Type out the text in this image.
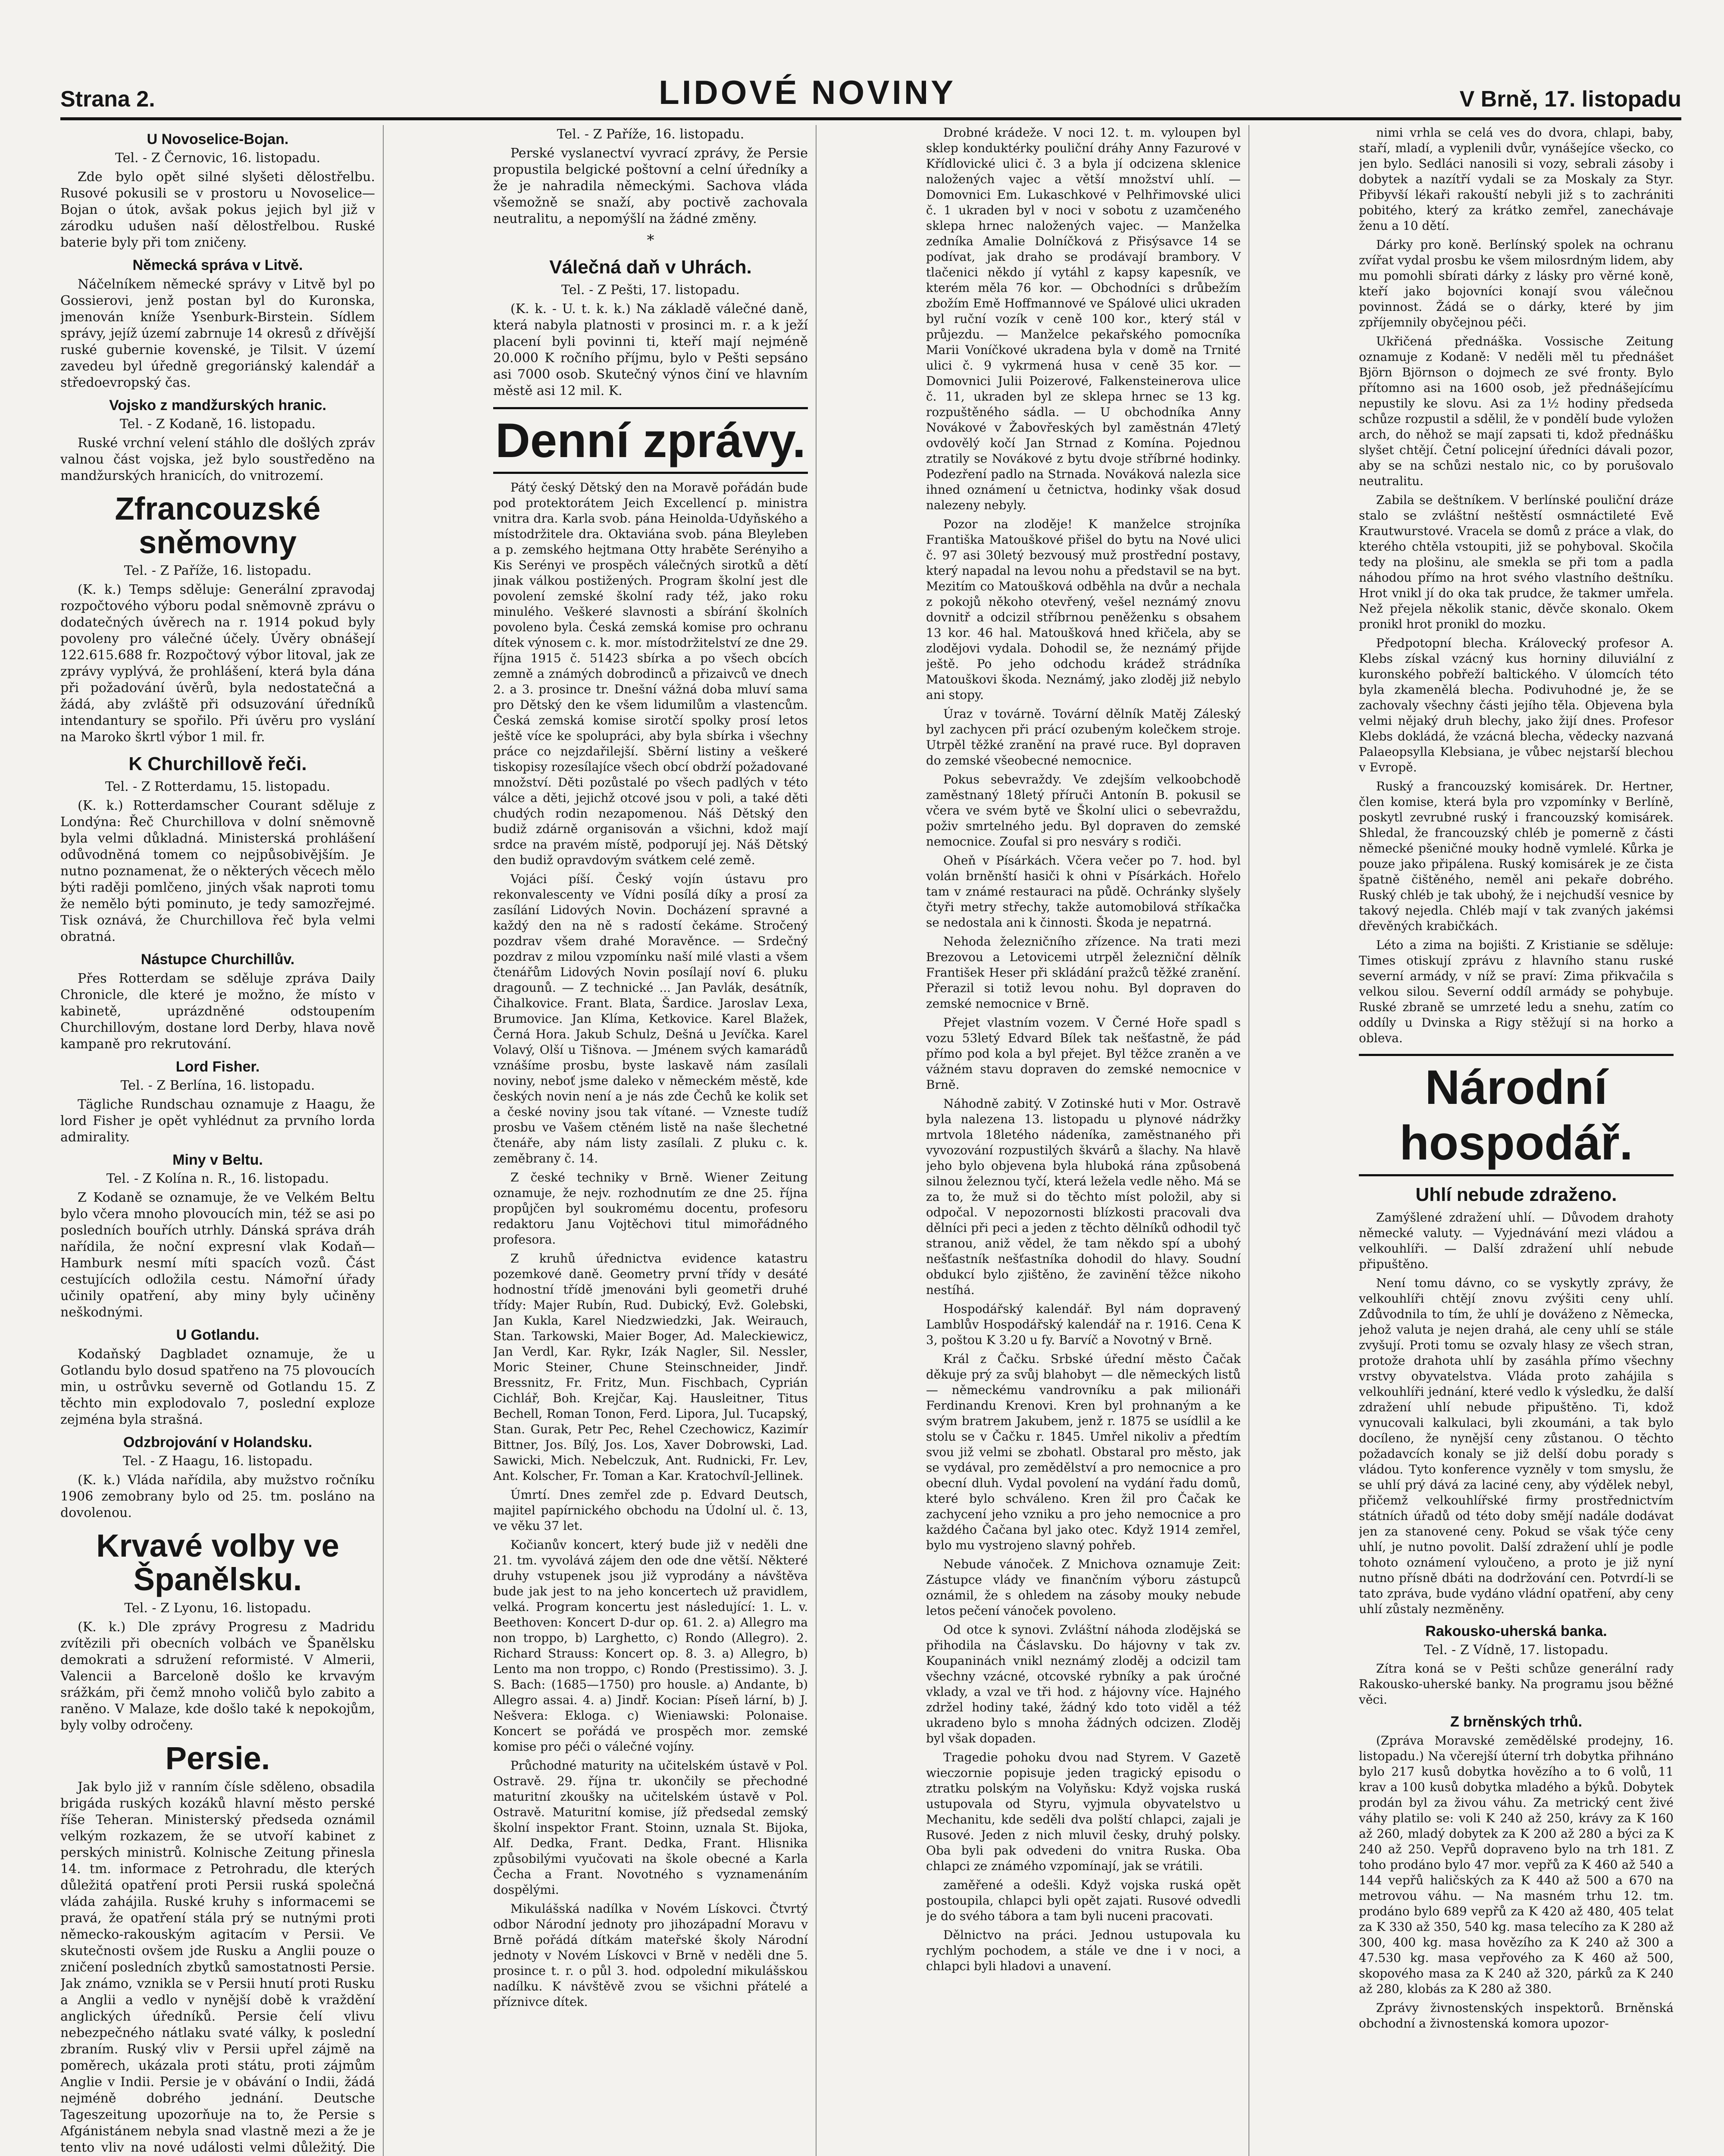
Strana 2.	LIDOVÉ NOVINY	V Brně, 17. listopadu
U Novoselice-Bojan.
Tel. - Z Černovic, 16. listopadu.

Zde bylo opět silné slyšeti dělostřelbu. Rusové pokusili se v prostoru u Novoselice—Bojan o útok, avšak pokus jejich byl již v zárodku udušen naší dělostřelbou. Ruské baterie byly při tom zničeny.

Německá správa v Litvě.

Náčelníkem německé správy v Litvě byl po Gossierovi, jenž postan byl do Kuronska, jmenován kníže Ysenburk-Birstein. Sídlem správy, jejíž území zabrnuje 14 okresů z dřívější ruské gubernie kovenské, je Tilsit. V území zavedeu byl úředně gregoriánský kalendář a středoevropský čas.

Vojsko z mandžurských hranic.
Tel. - Z Kodaně, 16. listopadu.

Ruské vrchní velení stáhlo dle došlých zpráv valnou část vojska, jež bylo soustředěno na mandžurských hranicích, do vnitrozemí.

Zfrancouzské sněmovny
Tel. - Z Paříže, 16. listopadu.

(K. k.) Temps sděluje: Generální zpravodaj rozpočtového výboru podal sněmovně zprávu o dodatečných úvěrech na r. 1914 pokud byly povoleny pro válečné účely. Úvěry obnášejí 122.615.688 fr. Rozpočtový výbor litoval, jak ze zprávy vyplývá, že prohlášení, která byla dána při požadování úvěrů, byla nedostatečná a žádá, aby zvláště při odsuzování úředníků intendantury se spořilo. Při úvěru pro vyslání na Maroko škrtl výbor 1 mil. fr.

K Churchillově řeči.
Tel. - Z Rotterdamu, 15. listopadu.

(K. k.) Rotterdamscher Courant sděluje z Londýna: Řeč Churchillova v dolní sněmovně byla velmi důkladná. Ministerská prohlášení odůvodněná tomem co nejpůsobivějším. Je nutno poznamenat, že o některých věcech mělo býti raději pomlčeno, jiných však naproti tomu že nemělo býti pominuto, je tedy samozřejmé. Tisk oznává, že Churchillova řeč byla velmi obratná.

Nástupce Churchillův.

Přes Rotterdam se sděluje zpráva Daily Chronicle, dle které je možno, že místo v kabinetě, uprázdněné odstoupením Churchillovým, dostane lord Derby, hlava nově kampaně pro rekrutování.

Lord Fisher.
Tel. - Z Berlína, 16. listopadu.

Tägliche Rundschau oznamuje z Haagu, že lord Fisher je opět vyhlédnut za prvního lorda admirality.

Miny v Beltu.
Tel. - Z Kolína n. R., 16. listopadu.

Z Kodaně se oznamuje, že ve Velkém Beltu bylo včera mnoho plovoucích min, též se asi po posledních bouřích utrhly. Dánská správa dráh nařídila, že noční expresní vlak Kodaň—Hamburk nesmí míti spacích vozů. Část cestujících odložila cestu. Námořní úřady učinily opatření, aby miny byly učiněny neškodnými.

U Gotlandu.

Kodaňský Dagbladet oznamuje, že u Gotlandu bylo dosud spatřeno na 75 plovoucích min, u ostrůvku severně od Gotlandu 15. Z těchto min explodovalo 7, poslední exploze zejména byla strašná.

Odzbrojování v Holandsku.
Tel. - Z Haagu, 16. listopadu.

(K. k.) Vláda nařídila, aby mužstvo ročníku 1906 zemobrany bylo od 25. tm. posláno na dovolenou.

Krvavé volby ve Španělsku.
Tel. - Z Lyonu, 16. listopadu.

(K. k.) Dle zprávy Progresu z Madridu zvítězili při obecních volbách ve Španělsku demokrati a sdružení reformisté. V Almerii, Valencii a Barceloně došlo ke krvavým srážkám, při čemž mnoho voličů bylo zabito a raněno. V Malaze, kde došlo také k nepokojům, byly volby odročeny.

Persie.

Jak bylo již v ranním čísle sděleno, obsadila brigáda ruských kozáků hlavní město perské říše Teheran. Ministerský předseda oznámil velkým rozkazem, že se utvoří kabinet z perských ministrů. Kolnische Zeitung přinesla 14. tm. informace z Petrohradu, dle kterých důležitá opatření proti Persii ruská společná vláda zahájila. Ruské kruhy s informacemi se pravá, že opatření stála prý se nutnými proti německo-rakouským agitacím v Persii. Ve skutečnosti ovšem jde Rusku a Anglii pouze o zničení posledních zbytků samostatnosti Persie. Jak známo, vznikla se v Persii hnutí proti Rusku a Anglii a vedlo v nynější době k vraždění anglických úředníků. Persie čelí vlivu nebezpečného nátlaku svaté války, k poslední zbraním. Ruský vliv v Persii upřel zájmě na poměrech, ukázala proti státu, proti zájmům Anglie v Indii. Persie je v obávání o Indii, žádá nejméně dobrého jednání. Deutsche Tageszeitung upozorňuje na to, že Persie s Afgánistánem nebyla snad vlastně mezi a že je tento vliv na nové události velmi důležitý. Die

Tel. - Z Paříže, 16. listopadu.

Perské vyslanectví vyvrací zprávy, že Persie propustila belgické poštovní a celní úředníky a že je nahradila německými. Sachova vláda všemožně se snaží, aby poctivě zachovala neutralitu, a nepomýšlí na žádné změny.

*
Válečná daň v Uhrách.
Tel. - Z Pešti, 17. listopadu.

(K. k. - U. t. k. k.) Na základě válečné daně, která nabyla platnosti v prosinci m. r. a k ježí placení byli povinni ti, kteří mají nejméně 20.000 K ročního příjmu, bylo v Pešti sepsáno asi 7000 osob. Skutečný výnos činí ve hlavním městě asi 12 mil. K.

Denní zprávy.

Pátý český Dětský den na Moravě pořádán bude pod protektorátem Jeich Excellencí p. ministra vnitra dra. Karla svob. pána Heinolda-Udyňského a místodržitele dra. Oktaviána svob. pána Bleyleben a p. zemského hejtmana Otty hraběte Serényiho a Kis Serényi ve prospěch válečných sirotků a dětí jinak válkou postižených. Program školní jest dle povolení zemské školní rady též, jako roku minulého. Veškeré slavnosti a sbírání školních povoleno byla. Česká zemská komise pro ochranu dítek výnosem c. k. mor. místodržitelství ze dne 29. října 1915 č. 51423 sbírka a po všech obcích zemně a známých dobrodinců a přizaivců ve dnech 2. a 3. prosince tr. Dnešní vážná doba mluví sama pro Dětský den ke všem lidumilům a vlastencům. Česká zemská komise sirotčí spolky prosí letos ještě více ke spolupráci, aby byla sbírka i všechny práce co nejzdařilejší. Sběrní listiny a veškeré tiskopisy rozesílajíce všech obcí obdrží požadované množství. Děti pozůstalé po všech padlých v této válce a děti, jejichž otcové jsou v poli, a také děti chudých rodin nezapomenou. Náš Dětský den budiž zdárně organisován a všichni, kdož mají srdce na pravém místě, podporují jej. Náš Dětský den budiž opravdovým svátkem celé země.

Vojáci píší. Český vojín ústavu pro rekonvalescenty ve Vídni posílá díky a prosí za zasílání Lidových Novin. Docházení spravné a každý den na ně s radostí čekáme. Stročený pozdrav všem drahé Moravěnce. — Srdečný pozdrav z milou vzpomínku naší milé vlasti a všem čtenářům Lidových Novin posílají noví 6. pluku dragounů. — Z technické ... Jan Pavlák, desátník, Čihalkovice. Frant. Blata, Šardice. Jaroslav Lexa, Brumovice. Jan Klíma, Ketkovice. Karel Blažek, Černá Hora. Jakub Schulz, Dešná u Jevíčka. Karel Volavý, Olší u Tišnova. — Jménem svých kamarádů vznášíme prosbu, byste laskavě nám zasílali noviny, neboť jsme daleko v německém městě, kde českých novin není a je nás zde Čechů ke kolik set a české noviny jsou tak vítané. — Vzneste tudíž prosbu ve Vašem ctěném listě na naše šlechetné čtenáře, aby nám listy zasílali. Z pluku c. k. zeměbrany č. 14.

Z české techniky v Brně. Wiener Zeitung oznamuje, že nejv. rozhodnutím ze dne 25. října propůjčen byl soukromému docentu, profesoru redaktoru Janu Vojtěchovi titul mimořádného profesora.

Z kruhů úřednictva evidence katastru pozemkové daně. Geometry první třídy v desáté hodnostní třídě jmenováni byli geometři druhé třídy: Majer Rubín, Rud. Dubický, Evž. Golebski, Jan Kukla, Karel Niedzwiedzki, Jak. Weirauch, Stan. Tarkowski, Maier Boger, Ad. Maleckiewicz, Jan Verdl, Kar. Rykr, Izák Nagler, Sil. Nessler, Moric Steiner, Chune Steinschneider, Jindř. Bressnitz, Fr. Fritz, Mun. Fischbach, Cyprián Cichlář, Boh. Krejčar, Kaj. Hausleitner, Titus Bechell, Roman Tonon, Ferd. Lipora, Jul. Tucapský, Stan. Gurak, Petr Pec, Rehel Czechowicz, Kazimír Bittner, Jos. Bílý, Jos. Los, Xaver Dobrowski, Lad. Sawicki, Mich. Nebelczuk, Ant. Rudnicki, Fr. Lev, Ant. Kolscher, Fr. Toman a Kar. Kratochvíl-Jellinek.

Úmrtí. Dnes zemřel zde p. Edvard Deutsch, majitel papírnického obchodu na Údolní ul. č. 13, ve věku 37 let.

Kočianův koncert, který bude již v neděli dne 21. tm. vyvolává zájem den ode dne větší. Některé druhy vstupenek jsou již vyprodány a návštěva bude jak jest to na jeho koncertech už pravidlem, velká. Program koncertu jest následující: 1. L. v. Beethoven: Koncert D-dur op. 61. 2. a) Allegro ma non troppo, b) Larghetto, c) Rondo (Allegro). 2. Richard Strauss: Koncert op. 8. 3. a) Allegro, b) Lento ma non troppo, c) Rondo (Prestissimo). 3. J. S. Bach: (1685—1750) pro housle. a) Andante, b) Allegro assai. 4. a) Jindř. Kocian: Píseň lární, b) J. Nešvera: Ekloga. c) Wieniawski: Polonaise. Koncert se pořádá ve prospěch mor. zemské komise pro péči o válečné vojíny.

Průchodné maturity na učitelském ústavě v Pol. Ostravě. 29. října tr. ukončily se přechodné maturitní zkoušky na učitelském ústavě v Pol. Ostravě. Maturitní komise, jíž předsedal zemský školní inspektor Frant. Stoinn, uznala St. Bijoka, Alf. Dedka, Frant. Dedka, Frant. Hlisnika způsobilými vyučovati na škole obecné a Karla Čecha a Frant. Novotného s vyznamenáním dospělými.

Mikulášská nadílka v Novém Lískovci. Čtvrtý odbor Národní jednoty pro jihozápadní Moravu v Brně pořádá dítkám mateřské školy Národní jednoty v Novém Lískovci v Brně v neděli dne 5. prosince t. r. o půl 3. hod. odpolední mikulášskou nadílku. K návštěvě zvou se všichni přátelé a příznivce dítek.

Drobné krádeže. V noci 12. t. m. vyloupen byl sklep konduktérky pouliční dráhy Anny Fazurové v Křídlovické ulici č. 3 a byla jí odcizena sklenice naložených vajec a větší množství uhlí. — Domovnici Em. Lukaschkové v Pelhřimovské ulici č. 1 ukraden byl v noci v sobotu z uzamčeného sklepa hrnec naložených vajec. — Manželka zedníka Amalie Dolníčková z Přisýsavce 14 se podívat, jak draho se prodávají brambory. V tlačenici někdo jí vytáhl z kapsy kapesník, ve kterém měla 76 kor. — Obchodníci s drůbežím zbožím Emě Hoffmannové ve Spálové ulici ukraden byl ruční vozík v ceně 100 kor., který stál v průjezdu. — Manželce pekařského pomocníka Marii Voníčkové ukradena byla v domě na Trnité ulici č. 9 vykrmená husa v ceně 35 kor. — Domovnici Julii Poizerové, Falkensteinerova ulice č. 11, ukraden byl ze sklepa hrnec se 13 kg. rozpuštěného sádla. — U obchodníka Anny Novákové v Žabovřeských byl zaměstnán 47letý ovdovělý kočí Jan Strnad z Komína. Pojednou ztratily se Novákové z bytu dvoje stříbrné hodinky. Podezření padlo na Strnada. Nováková nalezla sice ihned oznámení u četnictva, hodinky však dosud nalezeny nebyly.

Pozor na zloděje! K manželce strojníka Františka Matouškové přišel do bytu na Nové ulici č. 97 asi 30letý bezvousý muž prostřední postavy, který napadal na levou nohu a představil se na byt. Mezitím co Matoušková odběhla na dvůr a nechala z pokojů někoho otevřený, vešel neznámý znovu dovnitř a odcizil stříbrnou peněženku s obsahem 13 kor. 46 hal. Matoušková hned křičela, aby se zlodějovi vydala. Dohodil se, že neznámý přijde ještě. Po jeho odchodu krádež strádníka Matouškovi škoda. Neznámý, jako zloděj již nebylo ani stopy.

Úraz v továrně. Tovární dělník Matěj Záleský byl zachycen při prácí ozubeným kolečkem stroje. Utrpěl těžké zranění na pravé ruce. Byl dopraven do zemské všeobecné nemocnice.

Pokus sebevraždy. Ve zdejším velkoobchodě zaměstnaný 18letý příruči Antonín B. pokusil se včera ve svém bytě ve Školní ulici o sebevraždu, poživ smrtelného jedu. Byl dopraven do zemské nemocnice. Zoufal si pro nesváry s rodiči.

Oheň v Písárkách. Včera večer po 7. hod. byl volán brněnští hasiči k ohni v Písárkách. Hořelo tam v známé restauraci na půdě. Ochránky slyšely čtyři metry střechy, takže automobilová stříkačka se nedostala ani k činnosti. Škoda je nepatrná.

Nehoda železničního zřízence. Na trati mezi Brezovou a Letovicemi utrpěl železniční dělník František Heser při skládání pražců těžké zranění. Přerazil si totiž levou nohu. Byl dopraven do zemské nemocnice v Brně.

Přejet vlastním vozem. V Černé Hoře spadl s vozu 53letý Edvard Bílek tak nešťastně, že pád přímo pod kola a byl přejet. Byl těžce zraněn a ve vážném stavu dopraven do zemské nemocnice v Brně.

Náhodně zabitý. V Zotinské huti v Mor. Ostravě byla nalezena 13. listopadu u plynové nádržky mrtvola 18letého nádeníka, zaměstnaného při vyvozování rozpustilých škvárů a šlachy. Na hlavě jeho bylo objevena byla hluboká rána způsobená silnou železnou tyčí, která ležela vedle něho. Má se za to, že muž si do těchto míst položil, aby si odpočal. V nepozornosti blízkosti pracovali dva dělníci při peci a jeden z těchto dělníků odhodil tyč stranou, aniž vědel, že tam někdo spí a ubohý nešťastník nešťastníka dohodil do hlavy. Soudní obdukcí bylo zjištěno, že zavinění těžce nikoho nestíhá.

Hospodářský kalendář. Byl nám dopravený Lamblův Hospodářský kalendář na r. 1916. Cena K 3, poštou K 3.20 u fy. Barvíč a Novotný v Brně.

Král z Čačku. Srbské úřední město Čačak děkuje prý za svůj blahobyt — dle německých listů — německému vandrovníku a pak milionáři Ferdinandu Krenovi. Kren byl prohnaným a ke svým bratrem Jakubem, jenž r. 1875 se usídlil a ke stolu se v Čačku r. 1845. Umřel nikoliv a předtím svou již velmi se zbohatl. Obstaral pro město, jak se vydával, pro zemědělství a pro nemocnice a pro obecní dluh. Vydal povolení na vydání řadu domů, které bylo schváleno. Kren žil pro Čačak ke zachycení jeho vzniku a pro jeho nemocnice a pro každého Čačana byl jako otec. Když 1914 zemřel, bylo mu vystrojeno slavný pohřeb.

Nebude vánoček. Z Mnichova oznamuje Zeit: Zástupce vlády ve finančním výboru zástupců oznámil, že s ohledem na zásoby mouky nebude letos pečení vánoček povoleno.

Od otce k synovi. Zvláštní náhoda zlodějská se přihodila na Čáslavsku. Do hájovny v tak zv. Koupaninách vnikl neznámý zloděj a odcizil tam všechny vzácné, otcovské rybníky a pak úročné vklady, a vzal ve tři hod. z hájovny více. Hajného zdržel hodiny také, žádný kdo toto viděl a též ukradeno bylo s mnoha žádných odcizen. Zloděj byl však dopaden.

Tragedie pohoku dvou nad Styrem. V Gazetě wieczornie popisuje jeden tragický episodu o ztratku polským na Volyňsku: Když vojska ruská ustupovala od Styru, vyjmula obyvatelstvo u Mechanitu, kde seděli dva polští chlapci, zajali je Rusové. Jeden z nich mluvil česky, druhý polsky. Oba byli pak odvedeni do vnitra Ruska. Oba chlapci ze známého vzpomínají, jak se vrátili.

zaměřené a odešli. Když vojska ruská opět postoupila, chlapci byli opět zajati. Rusové odvedli je do svého tábora a tam byli nuceni pracovati.

Dělnictvo na práci. Jednou ustupovala ku rychlým pochodem, a stále ve dne i v noci, a chlapci byli hladovi a unavení.

nimi vrhla se celá ves do dvora, chlapi, baby, staří, mladí, a vyplenili dvůr, vynášejíce všecko, co jen bylo. Sedláci nanosili si vozy, sebrali zásoby i dobytek a nazítří vydali se za Moskaly za Styr. Přibyvší lékaři rakouští nebyli již s to zachrániti pobitého, který za krátko zemřel, zanechávaje ženu a 10 dětí.

Dárky pro koně. Berlínský spolek na ochranu zvířat vydal prosbu ke všem milosrdným lidem, aby mu pomohli sbírati dárky z lásky pro věrné koně, kteří jako bojovníci konají svou válečnou povinnost. Žádá se o dárky, které by jim zpříjemnily obyčejnou péči.

Ukřičená přednáška. Vossische Zeitung oznamuje z Kodaně: V neděli měl tu přednášet Björn Björnson o dojmech ze své fronty. Bylo přítomno asi na 1600 osob, jež přednášejícímu nepustily ke slovu. Asi za 1½ hodiny předseda schůze rozpustil a sdělil, že v pondělí bude vyložen arch, do něhož se mají zapsati ti, kdož přednášku slyšet chtějí. Četní policejní úředníci dávali pozor, aby se na schůzi nestalo nic, co by porušovalo neutralitu.

Zabila se deštníkem. V berlínské pouliční dráze stalo se zvláštní neštěstí osmnáctileté Evě Krautwurstové. Vracela se domů z práce a vlak, do kterého chtěla vstoupiti, již se pohyboval. Skočila tedy na plošinu, ale smekla se při tom a padla náhodou přímo na hrot svého vlastního deštníku. Hrot vnikl jí do oka tak prudce, že takmer umřela. Než přejela několik stanic, děvče skonalo. Okem pronikl hrot pronikl do mozku.

Předpotopní blecha. Královecký profesor A. Klebs získal vzácný kus horniny diluviální z kuronského pobřeží baltického. V úlomcích této byla zkamenělá blecha. Podivuhodné je, že se zachovaly všechny části jejího těla. Objevena byla velmi nějaký druh blechy, jako žijí dnes. Profesor Klebs dokládá, že vzácná blecha, vědecky nazvaná Palaeopsylla Klebsiana, je vůbec nejstarší blechou v Evropě.

Ruský a francouzský komisárek. Dr. Hertner, člen komise, která byla pro vzpomínky v Berlíně, poskytl zevrubné ruský i francouzský komisárek. Shledal, že francouzský chléb je pomerně z části německé pšeničné mouky hodně vymlelé. Kůrka je pouze jako připálena. Ruský komisárek je ze čista špatně čištěného, neměl ani pekaře dobrého. Ruský chléb je tak ubohý, že i nejchudší vesnice by takový nejedla. Chléb mají v tak zvaných jakémsi dřevěných krabičkách.

Léto a zima na bojišti. Z Kristianie se sděluje: Times otiskují zprávu z hlavního stanu ruské severní armády, v níž se praví: Zima přikvačila s velkou silou. Severní oddíl armády se pohybuje. Ruské zbraně se umrzeté ledu a snehu, zatím co oddíly u Dvinska a Rigy stěžují si na horko a obleva.

Národní hospodář.
Uhlí nebude zdraženo.

Zamýšlené zdražení uhlí. — Důvodem drahoty německé valuty. — Vyjednávání mezi vládou a velkouhlíři. — Další zdražení uhlí nebude připuštěno.

Není tomu dávno, co se vyskytly zprávy, že velkouhlíři chtějí znovu zvýšiti ceny uhlí. Zdůvodnila to tím, že uhlí je dováženo z Německa, jehož valuta je nejen drahá, ale ceny uhlí se stále zvyšují. Proti tomu se ozvaly hlasy ze všech stran, protože drahota uhlí by zasáhla přímo všechny vrstvy obyvatelstva. Vláda proto zahájila s velkouhlíři jednání, které vedlo k výsledku, že další zdražení uhlí nebude připuštěno. Ti, kdož vynucovali kalkulaci, byli zkoumáni, a tak bylo docíleno, že nynější ceny zůstanou. O těchto požadavcích konaly se již delší dobu porady s vládou. Tyto konference vyzněly v tom smyslu, že se uhlí prý dává za laciné ceny, aby výdělek nebyl, přičemž velkouhlířské firmy prostřednictvím státních úřadů od této doby smějí nadále dodávat jen za stanovené ceny. Pokud se však týče ceny uhlí, je nutno povolit. Další zdražení uhlí je podle tohoto oznámení vyloučeno, a proto je již nyní nutno přísně dbáti na dodržování cen. Potvrdí-li se tato zpráva, bude vydáno vládní opatření, aby ceny uhlí zůstaly nezměněny.

Rakousko-uherská banka.
Tel. - Z Vídně, 17. listopadu.

Zítra koná se v Pešti schůze generální rady Rakousko-uherské banky. Na programu jsou běžné věci.

Z brněnských trhů.

(Zpráva Moravské zemědělské prodejny, 16. listopadu.) Na včerejší úterní trh dobytka přihnáno bylo 217 kusů dobytka hovězího a to 6 volů, 11 krav a 100 kusů dobytka mladého a býků. Dobytek prodán byl za živou váhu. Za metrický cent živé váhy platilo se: voli K 240 až 250, krávy za K 160 až 260, mladý dobytek za K 200 až 280 a býci za K 240 až 250. Vepřů dopraveno bylo na trh 181. Z toho prodáno bylo 47 mor. vepřů za K 460 až 540 a 144 vepřů haličských za K 440 až 500 a 670 na metrovou váhu. — Na masném trhu 12. tm. prodáno bylo 689 vepřů za K 420 až 480, 405 telat za K 330 až 350, 540 kg. masa telecího za K 280 až 300, 400 kg. masa hovězího za K 240 až 300 a 47.530 kg. masa vepřového za K 460 až 500, skopového masa za K 240 až 320, párků za K 240 až 280, klobás za K 280 až 380.

Zprávy živnostenských inspektorů. Brněnská obchodní a živnostenská komora upozor-
